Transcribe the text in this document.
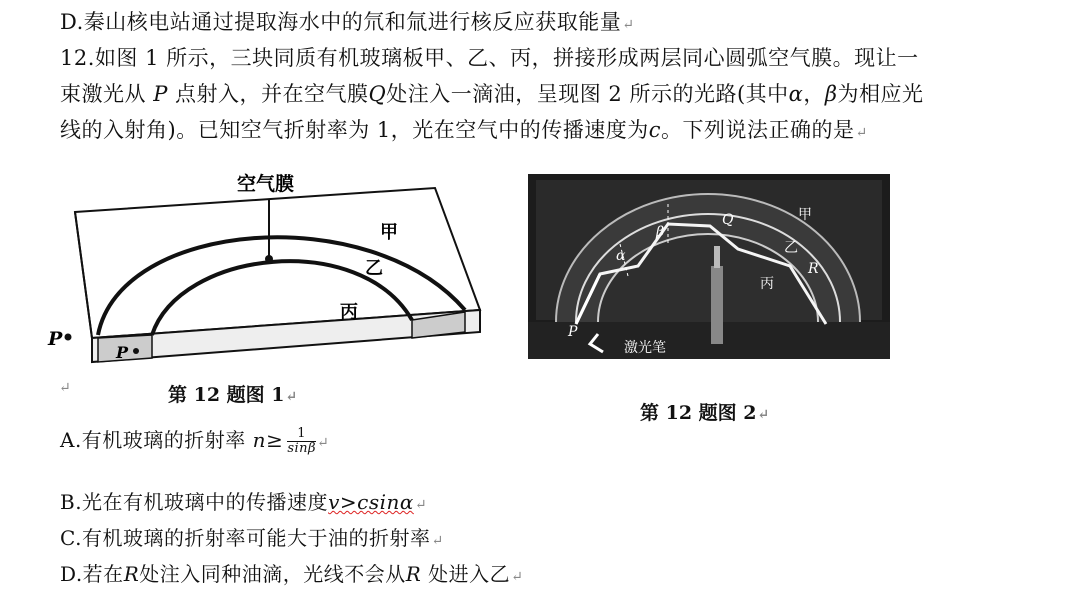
D.秦山核电站通过提取海水中的氘和氚进行核反应获取能量↵
12.如图 1 所示，三块同质有机玻璃板甲、乙、丙，拼接形成两层同心圆弧空气膜。现让一
束激光从 P 点射入，并在空气膜Q处注入一滴油，呈现图 2 所示的光路(其中α，β为相应光
线的入射角)。已知空气折射率为 1，光在空气中的传播速度为c。下列说法正确的是↵
空气膜
甲
乙
丙
P
P
第 12 题图 1↵
↵
β
α
Q	甲
乙
R
丙
P
激光笔
第 12 题图 2↵
A.有机玻璃的折射率 $n\ge \frac{1}{\sin\beta}$ ↵
B.光在有机玻璃中的传播速度v>csinα↵
C.有机玻璃的折射率可能大于油的折射率↵
D.若在R处注入同种油滴，光线不会从R 处进入乙↵
